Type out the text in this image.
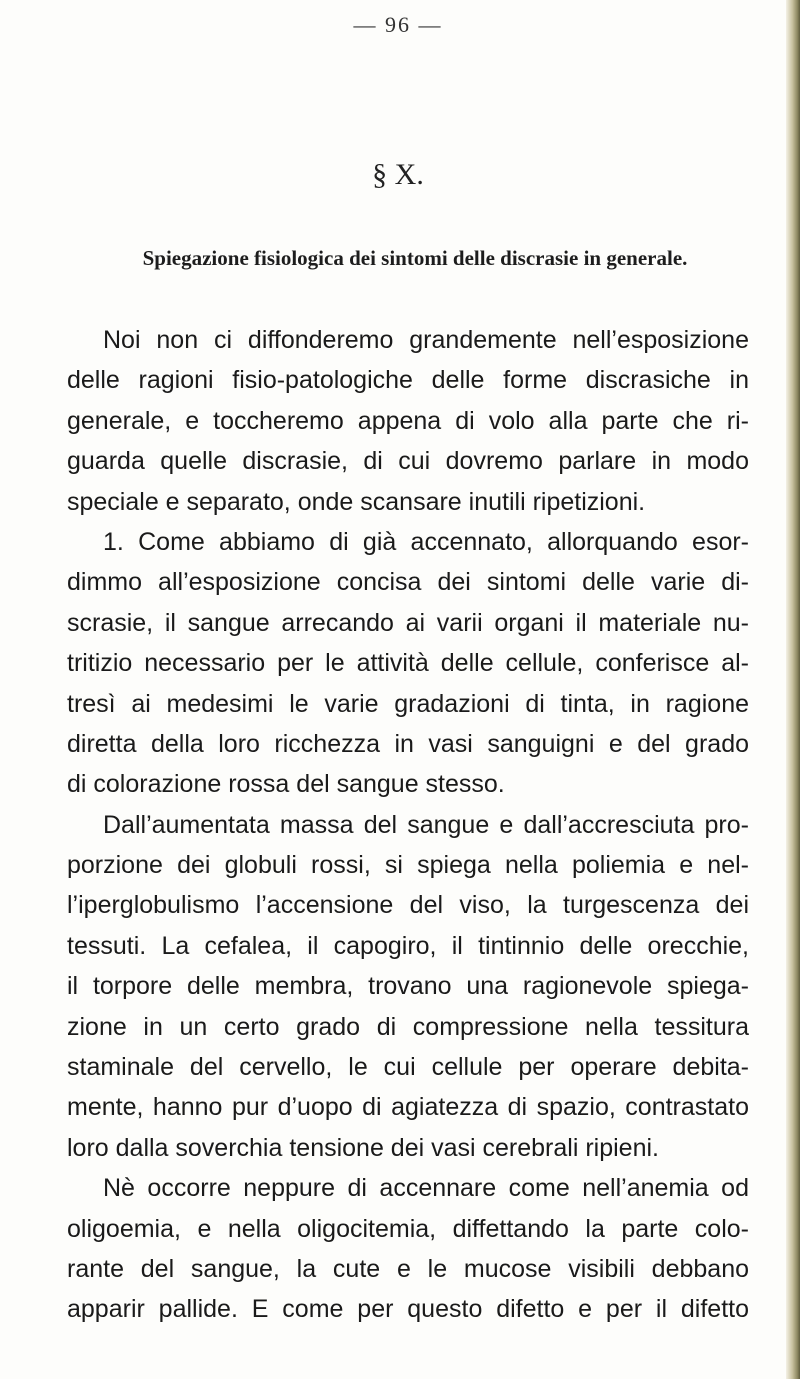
— 96 —
§ X.
Spiegazione fisiologica dei sintomi delle discrasie in generale.
Noi non ci diffonderemo grandemente nell’esposizione
delle ragioni fisio-patologiche delle forme discrasiche in
generale, e toccheremo appena di volo alla parte che ri-
guarda quelle discrasie, di cui dovremo parlare in modo
speciale e separato, onde scansare inutili ripetizioni.
1. Come abbiamo di già accennato, allorquando esor-
dimmo all’esposizione concisa dei sintomi delle varie di-
scrasie, il sangue arrecando ai varii organi il materiale nu-
tritizio necessario per le attività delle cellule, conferisce al-
tresì ai medesimi le varie gradazioni di tinta, in ragione
diretta della loro ricchezza in vasi sanguigni e del grado
di colorazione rossa del sangue stesso.
Dall’aumentata massa del sangue e dall’accresciuta pro-
porzione dei globuli rossi, si spiega nella poliemia e nel-
l’iperglobulismo l’accensione del viso, la turgescenza dei
tessuti. La cefalea, il capogiro, il tintinnio delle orecchie,
il torpore delle membra, trovano una ragionevole spiega-
zione in un certo grado di compressione nella tessitura
staminale del cervello, le cui cellule per operare debita-
mente, hanno pur d’uopo di agiatezza di spazio, contrastato
loro dalla soverchia tensione dei vasi cerebrali ripieni.
Nè occorre neppure di accennare come nell’anemia od
oligoemia, e nella oligocitemia, diffettando la parte colo-
rante del sangue, la cute e le mucose visibili debbano
apparir pallide. E come per questo difetto e per il difetto
